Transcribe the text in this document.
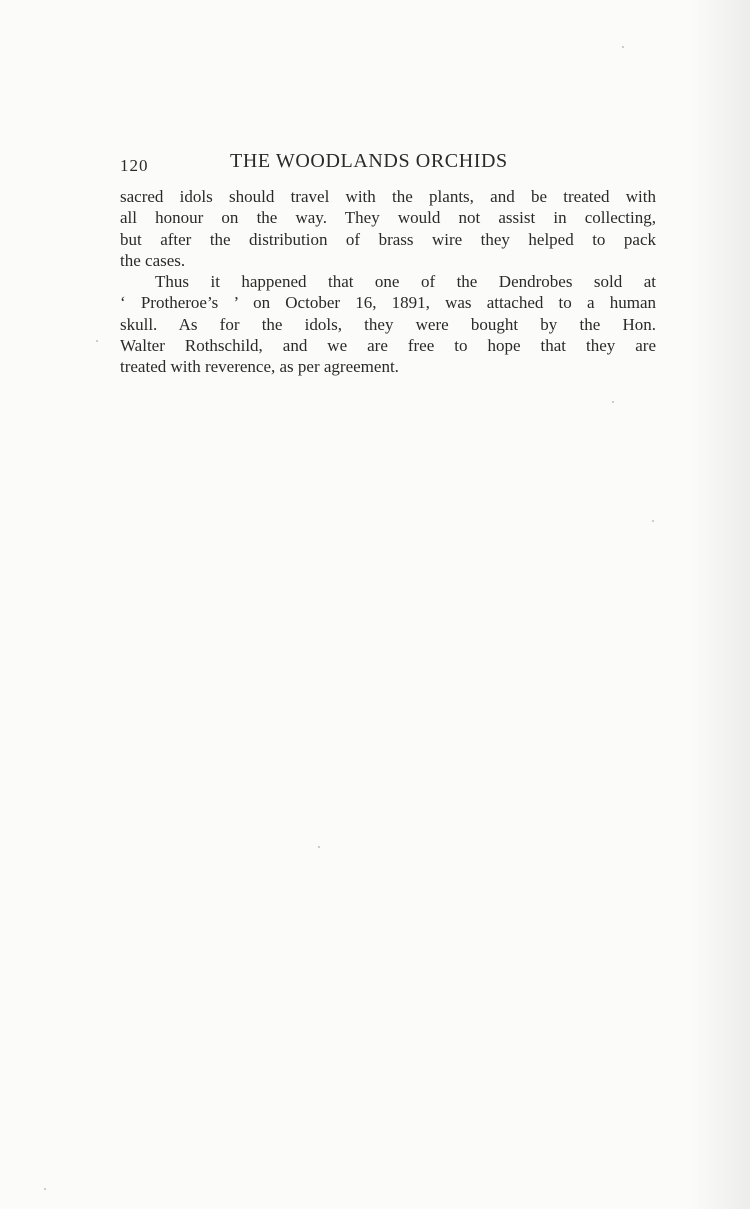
120	THE WOODLANDS ORCHIDS
sacred idols should travel with the plants, and be treated with
all honour on the way. They would not assist in collecting,
but after the distribution of brass wire they helped to pack
the cases.
Thus it happened that one of the Dendrobes sold at
‘ Protheroe’s ’ on October 16, 1891, was attached to a human
skull. As for the idols, they were bought by the Hon.
Walter Rothschild, and we are free to hope that they are
treated with reverence, as per agreement.
